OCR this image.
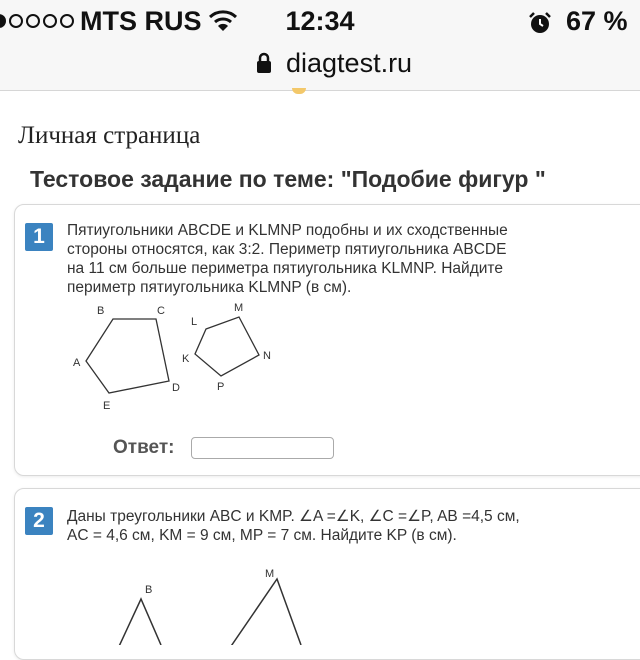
MTS RUS	12:34	67 %
diagtest.ru
Личная страница
Тестовое задание по теме: "Подобие фигур "
1	Пятиугольники ABCDE и KLMNP подобны и их сходственные
стороны относятся, как 3:2. Периметр пятиугольника ABCDE
на 11 см больше периметра пятиугольника KLMNP. Найдите
периметр пятиугольника KLMNP (в см).
B	C
A
D
E
L
M
K	N
P
Ответ:
2	Даны треугольники ABC и KMP. ∠A =∠K, ∠C =∠P, AB =4,5 см,
AC = 4,6 см, KM = 9 см, MP = 7 см. Найдите KP (в см).
B
M
